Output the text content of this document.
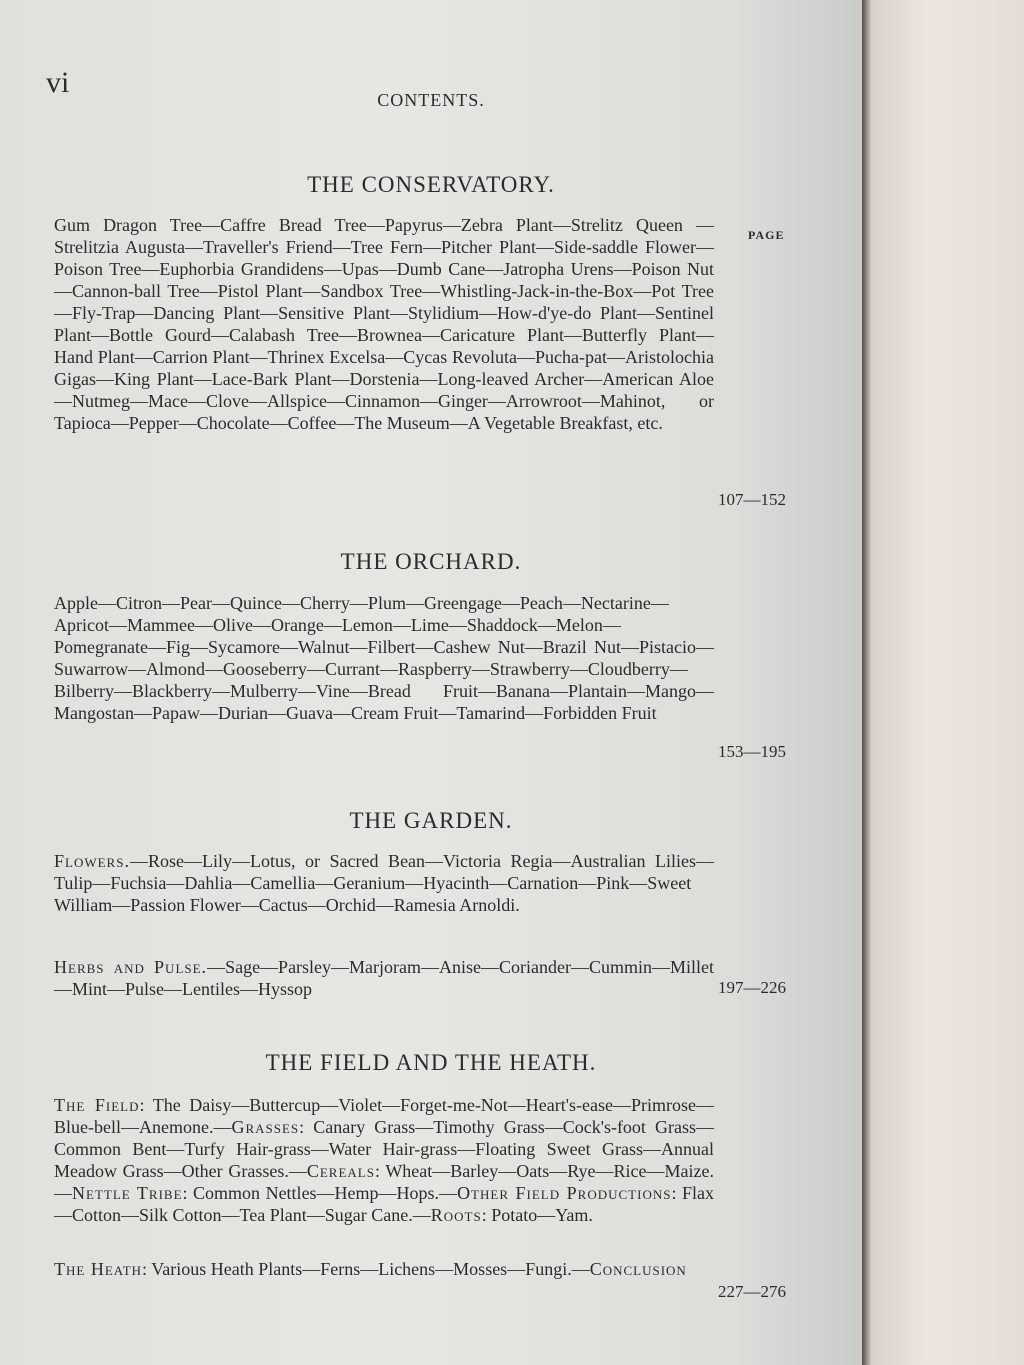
vi
CONTENTS.
PAGE
THE CONSERVATORY.
Gum Dragon Tree—Caffre Bread Tree—Papyrus—Zebra Plant—Strelitz Queen —Strelitzia Augusta—Traveller's Friend—Tree Fern—Pitcher Plant—Side-saddle Flower—Poison Tree—Euphorbia Grandidens—Upas—Dumb Cane—Jatropha Urens—Poison Nut—Cannon-ball Tree—Pistol Plant—Sandbox Tree—Whistling-Jack-in-the-Box—Pot Tree—Fly-Trap—Dancing Plant—Sensitive Plant—Stylidium—How-d'ye-do Plant—Sentinel Plant—Bottle Gourd—Calabash Tree—Brownea—Caricature Plant—Butterfly Plant—Hand Plant—Carrion Plant—Thrinex Excelsa—Cycas Revoluta—Pucha-pat—Aristolochia Gigas—King Plant—Lace-Bark Plant—Dorstenia—Long-leaved Archer—American Aloe—Nutmeg—Mace—Clove—Allspice—Cinnamon—Ginger—Arrowroot—Mahinot, or Tapioca—Pepper—Chocolate—Coffee—The Museum—A Vegetable Breakfast, etc.
107—152
THE ORCHARD.
Apple—Citron—Pear—Quince—Cherry—Plum—Greengage—Peach—Nectarine—Apricot—Mammee—Olive—Orange—Lemon—Lime—Shaddock—Melon—Pomegranate—Fig—Sycamore—Walnut—Filbert—Cashew Nut—Brazil Nut—Pistacio—Suwarrow—Almond—Gooseberry—Currant—Raspberry—Strawberry—Cloudberry—Bilberry—Blackberry—Mulberry—Vine—Bread Fruit—Banana—Plantain—Mango—Mangostan—Papaw—Durian—Guava—Cream Fruit—Tamarind—Forbidden Fruit
153—195
THE GARDEN.
Flowers.—Rose—Lily—Lotus, or Sacred Bean—Victoria Regia—Australian Lilies—Tulip—Fuchsia—Dahlia—Camellia—Geranium—Hyacinth—Carnation—Pink—Sweet William—Passion Flower—Cactus—Orchid—Ramesia Arnoldi.
Herbs and Pulse.—Sage—Parsley—Marjoram—Anise—Coriander—Cummin—Millet—Mint—Pulse—Lentiles—Hyssop	197—226
THE FIELD AND THE HEATH.
The Field: The Daisy—Buttercup—Violet—Forget-me-Not—Heart's-ease—Primrose—Blue-bell—Anemone.—Grasses: Canary Grass—Timothy Grass—Cock's-foot Grass—Common Bent—Turfy Hair-grass—Water Hair-grass—Floating Sweet Grass—Annual Meadow Grass—Other Grasses.—Cereals: Wheat—Barley—Oats—Rye—Rice—Maize.—Nettle Tribe: Common Nettles—Hemp—Hops.—Other Field Productions: Flax—Cotton—Silk Cotton—Tea Plant—Sugar Cane.—Roots: Potato—Yam.
The Heath: Various Heath Plants—Ferns—Lichens—Mosses—Fungi.—Conclusion
227—276
